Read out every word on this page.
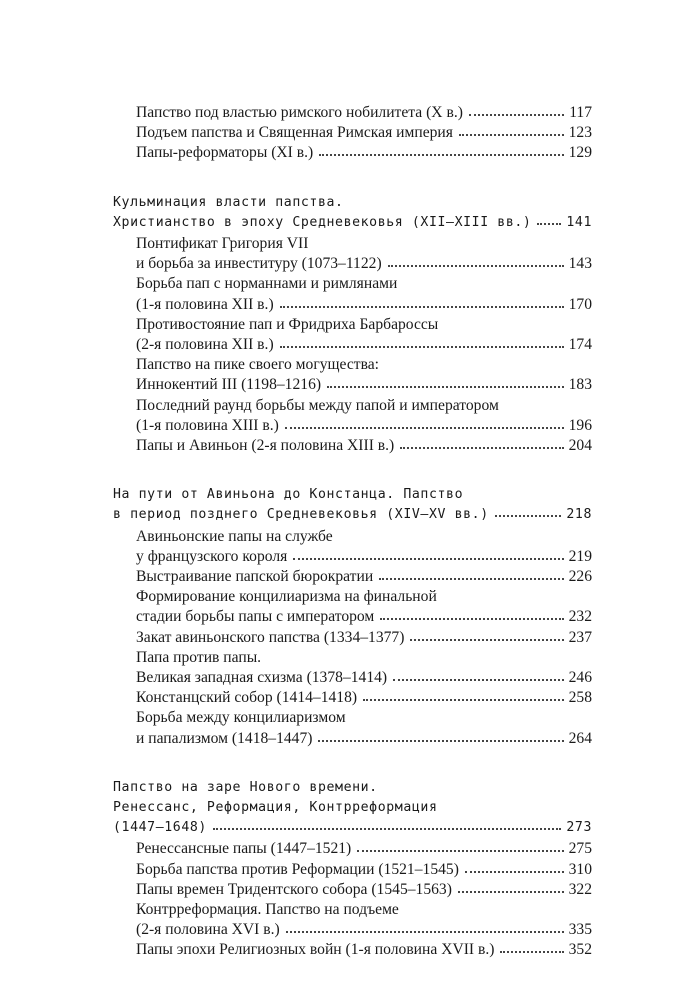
Папство под властью римского нобилитета (X в.)	117
Подъем папства и Священная Римская империя	123
Папы-реформаторы (XI в.)	129
Кульминация власти папства.
Христианство в эпоху Средневековья (XII–XIII вв.)	141
Понтификат Григория VII
и борьба за инвеституру (1073–1122)	143
Борьба пап с норманнами и римлянами
(1-я половина XII в.)	170
Противостояние пап и Фридриха Барбароссы
(2-я половина XII в.)	174
Папство на пике своего могущества:
Иннокентий III (1198–1216)	183
Последний раунд борьбы между папой и императором
(1-я половина XIII в.)	196
Папы и Авиньон (2-я половина XIII в.)	204
На пути от Авиньона до Констанца. Папство
в период позднего Средневековья (XIV–XV вв.)	218
Авиньонские папы на службе
у французского короля	219
Выстраивание папской бюрократии	226
Формирование концилиаризма на финальной
стадии борьбы папы с императором	232
Закат авиньонского папства (1334–1377)	237
Папа против папы.
Великая западная схизма (1378–1414)	246
Констанцский собор (1414–1418)	258
Борьба между концилиаризмом
и папализмом (1418–1447)	264
Папство на заре Нового времени.
Ренессанс, Реформация, Контрреформация
(1447–1648)	273
Ренессансные папы (1447–1521)	275
Борьба папства против Реформации (1521–1545)	310
Папы времен Тридентского собора (1545–1563)	322
Контрреформация. Папство на подъеме
(2-я половина XVI в.)	335
Папы эпохи Религиозных войн (1-я половина XVII в.)	352
